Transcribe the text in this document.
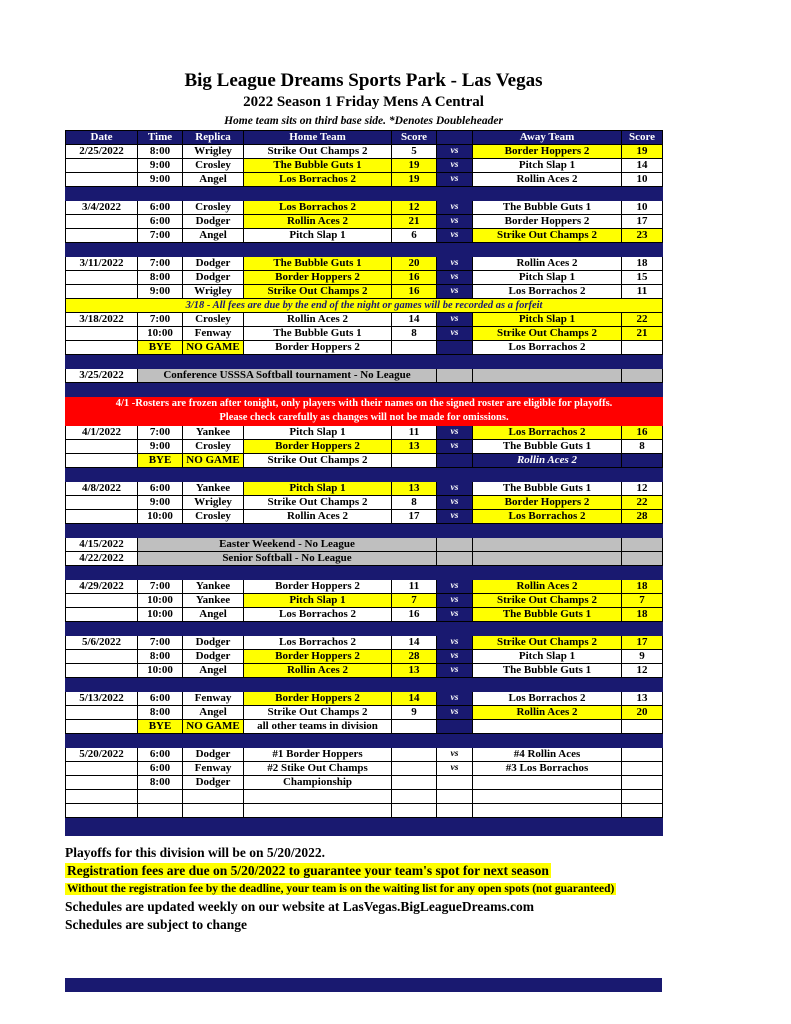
Big League Dreams Sports Park - Las Vegas
2022 Season 1 Friday Mens A Central
Home team sits on third base side. *Denotes Doubleheader
Date	Time	Replica	Home Team	Score		Away Team	Score
2/25/2022	8:00	Wrigley	Strike Out Champs 2	5	vs	Border Hoppers 2	19
	9:00	Crosley	The Bubble Guts 1	19	vs	Pitch Slap 1	14
	9:00	Angel	Los Borrachos 2	19	vs	Rollin Aces 2	10

3/4/2022	6:00	Crosley	Los Borrachos 2	12	vs	The Bubble Guts 1	10
	6:00	Dodger	Rollin Aces 2	21	vs	Border Hoppers 2	17
	7:00	Angel	Pitch Slap 1	6	vs	Strike Out Champs 2	23

3/11/2022	7:00	Dodger	The Bubble Guts 1	20	vs	Rollin Aces 2	18
	8:00	Dodger	Border Hoppers 2	16	vs	Pitch Slap 1	15
	9:00	Wrigley	Strike Out Champs 2	16	vs	Los Borrachos 2	11
3/18 - All fees are due by the end of the night or games will be recorded as a forfeit							
3/18/2022	7:00	Crosley	Rollin Aces 2	14	vs	Pitch Slap 1	22
	10:00	Fenway	The Bubble Guts 1	8	vs	Strike Out Champs 2	21
	BYE	NO GAME	Border Hoppers 2			Los Borrachos 2	

3/25/2022	Conference USSSA Softball tournament - No League						

4/1 -Rosters are frozen after tonight, only players with their names on the signed roster are eligible for playoffs.
Please check carefully as changes will not be made for omissions.							

4/1/2022	7:00	Yankee	Pitch Slap 1	11	vs	Los Borrachos 2	16
	9:00	Crosley	Border Hoppers 2	13	vs	The Bubble Guts 1	8
	BYE	NO GAME	Strike Out Champs 2			Rollin Aces 2	

4/8/2022	6:00	Yankee	Pitch Slap 1	13	vs	The Bubble Guts 1	12
	9:00	Wrigley	Strike Out Champs 2	8	vs	Border Hoppers 2	22
	10:00	Crosley	Rollin Aces 2	17	vs	Los Borrachos 2	28

4/15/2022	Easter Weekend - No League						
4/22/2022	Senior Softball - No League						

4/29/2022	7:00	Yankee	Border Hoppers 2	11	vs	Rollin Aces 2	18
	10:00	Yankee	Pitch Slap 1	7	vs	Strike Out Champs 2	7
	10:00	Angel	Los Borrachos 2	16	vs	The Bubble Guts 1	18

5/6/2022	7:00	Dodger	Los Borrachos 2	14	vs	Strike Out Champs 2	17
	8:00	Dodger	Border Hoppers 2	28	vs	Pitch Slap 1	9
	10:00	Angel	Rollin Aces 2	13	vs	The Bubble Guts 1	12

5/13/2022	6:00	Fenway	Border Hoppers 2	14	vs	Los Borrachos 2	13
	8:00	Angel	Strike Out Champs 2	9	vs	Rollin Aces 2	20
	BYE	NO GAME	all other teams in division				

5/20/2022	6:00	Dodger	#1 Border Hoppers		vs	#4 Rollin Aces	
	6:00	Fenway	#2 Stike Out Champs		vs	#3 Los Borrachos	
	8:00	Dodger	Championship				

Playoffs for this division will be on 5/20/2022.
Registration fees are due on 5/20/2022 to guarantee your team's spot for next season
Without the registration fee by the deadline, your team is on the waiting list for any open spots (not guaranteed)
Schedules are updated weekly on our website at LasVegas.BigLeagueDreams.com
Schedules are subject to change
